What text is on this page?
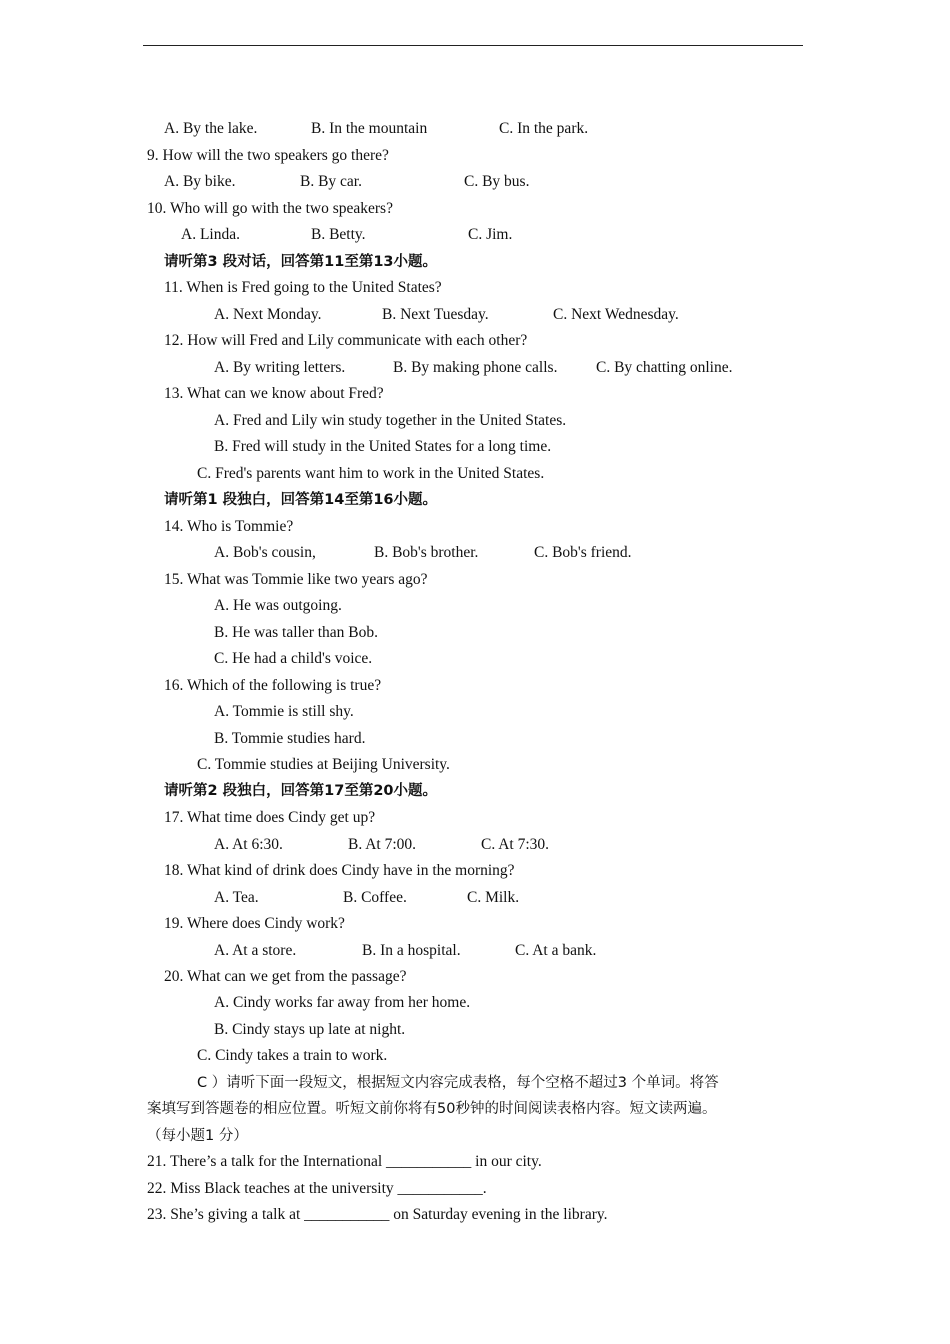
A. By the lake.	B. In the mountain	C. In the park.
9. How will the two speakers go there?
A. By bike.	B. By car.	C. By bus.
10. Who will go with the two speakers?
A. Linda.	B. Betty.	C. Jim.
请听第3 段对话，回答第11至第13小题。
11. When is Fred going to the United States?
A. Next Monday.	B. Next Tuesday.	C. Next Wednesday.
12. How will Fred and Lily communicate with each other?
A. By writing letters.	B. By making phone calls. C. By chatting online.
13. What can we know about Fred?
A. Fred and Lily win study together in the United States.
B. Fred will study in the United States for a long time.
C. Fred's parents want him to work in the United States.
请听第1 段独白，回答第14至第16小题。
14. Who is Tommie?
A. Bob's cousin,	B. Bob's brother.	C. Bob's friend.
15. What was Tommie like two years ago?
A. He was outgoing.
B. He was taller than Bob.
C. He had a child's voice.
16. Which of the following is true?
A. Tommie is still shy.
B. Tommie studies hard.
C. Tommie studies at Beijing University.
请听第2 段独白，回答第17至第20小题。
17. What time does Cindy get up?
A. At 6:30.	B. At 7:00.	C. At 7:30.
18. What kind of drink does Cindy have in the morning?
A. Tea.	B. Coffee.	C. Milk.
19. Where does Cindy work?
A. At a store.	B. In a hospital.	C. At a bank.
20. What can we get from the passage?
A. Cindy works far away from her home.
B. Cindy stays up late at night.
C. Cindy takes a train to work.
C ）请听下面一段短文，根据短文内容完成表格，每个空格不超过3 个单词。将答
案填写到答题卷的相应位置。听短文前你将有50秒钟的时间阅读表格内容。短文读两遍。
（每小题1 分）
21. There’s a talk for the International ___________ in our city.
22. Miss Black teaches at the university ___________.
23. She’s giving a talk at ___________ on Saturday evening in the library.
